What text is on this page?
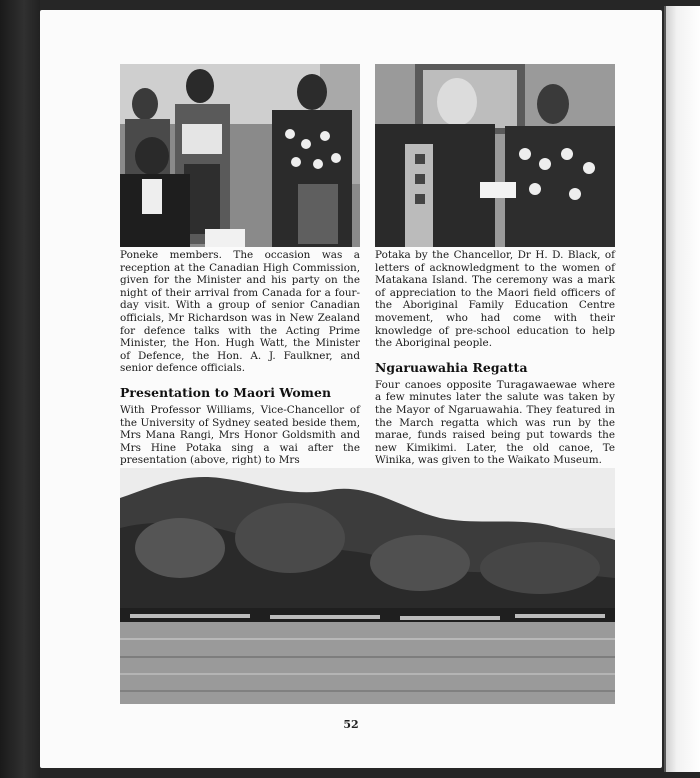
Poneke members. The occasion was a reception at the Canadian High Commission, given for the Minister and his party on the night of their arrival from Canada for a four-day visit. With a group of senior Canadian officials, Mr Richardson was in New Zealand for defence talks with the Acting Prime Minister, the Hon. Hugh Watt, the Minister of Defence, the Hon. A. J. Faulkner, and senior defence officials.

Presentation to Maori Women

With Professor Williams, Vice-Chancellor of the University of Sydney seated beside them, Mrs Mana Rangi, Mrs Honor Goldsmith and Mrs Hine Potaka sing a wai after the presentation (above, right) to Mrs

Potaka by the Chancellor, Dr H. D. Black, of letters of acknowledgment to the women of Matakana Island. The ceremony was a mark of appreciation to the Maori field officers of the Aboriginal Family Education Centre movement, who had come with their knowledge of pre-school education to help the Aboriginal people.

Ngaruawahia Regatta

Four canoes opposite Turagawaewae where a few minutes later the salute was taken by the Mayor of Ngaruawahia. They featured in the March regatta which was run by the marae, funds raised being put towards the new Kimikimi. Later, the old canoe, Te Winika, was given to the Waikato Museum.

52
